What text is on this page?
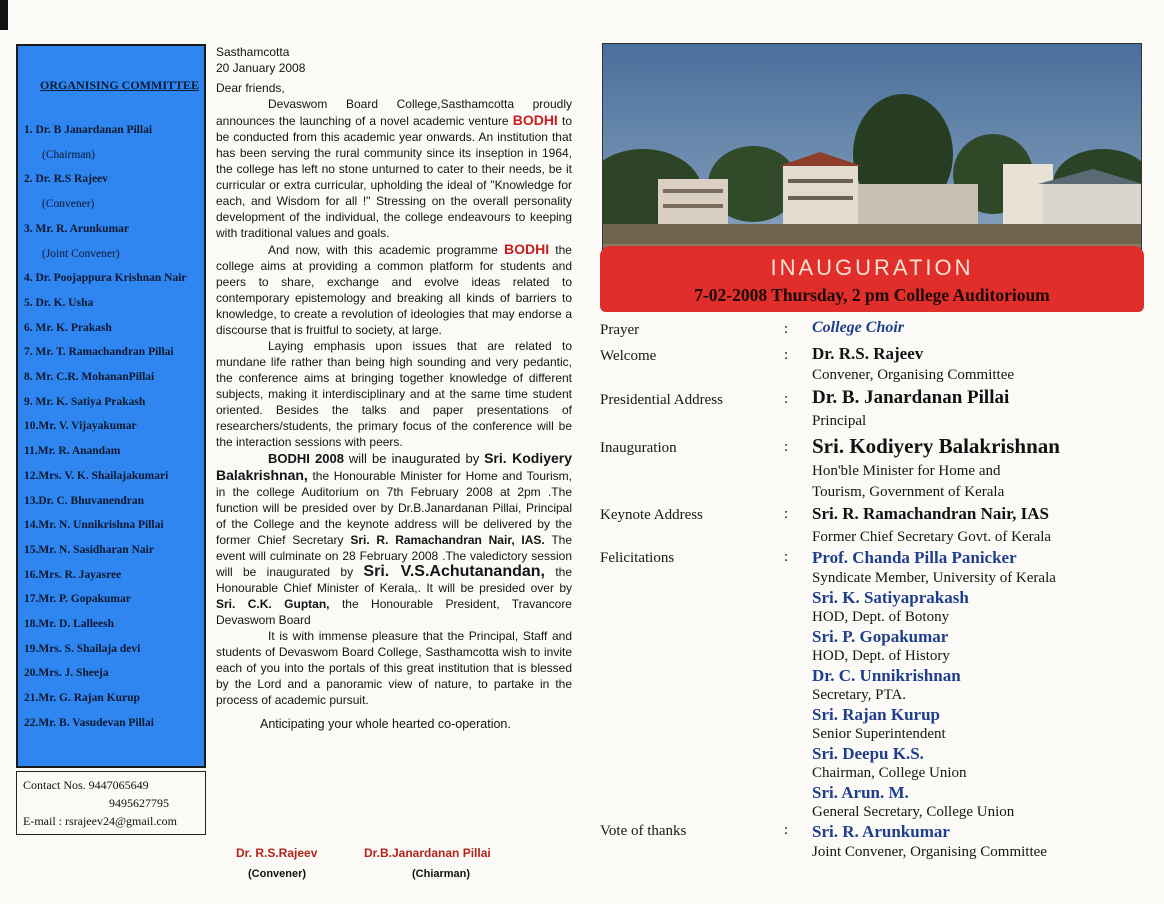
ORGANISING COMMITTEE
1. Dr. B Janardanan Pillai
(Chairman)
2. Dr. R.S Rajeev
(Convener)
3. Mr. R. Arunkumar
(Joint Convener)
4. Dr. Poojappura Krishnan Nair
5. Dr. K. Usha
6. Mr. K. Prakash
7. Mr. T. Ramachandran Pillai
8. Mr. C.R. MohananPillai
9. Mr. K. Satiya Prakash
10.Mr. V. Vijayakumar
11.Mr. R. Anandam
12.Mrs. V. K. Shailajakumari
13.Dr. C. Bhuvanendran
14.Mr. N. Unnikrishna Pillai
15.Mr. N. Sasidharan Nair
16.Mrs. R. Jayasree
17.Mr. P. Gopakumar
18.Mr. D. Lalleesh
19.Mrs. S. Shailaja devi
20.Mrs. J. Sheeja
21.Mr. G. Rajan Kurup
22.Mr. B. Vasudevan Pillai
Contact Nos. 9447065649
9495627795
E-mail : rsrajeev24@gmail.com

Sasthamcotta

20 January 2008

Dear friends,

Devaswom Board College,Sasthamcotta proudly announces the launching of a novel academic venture BODHI to be conducted from this academic year onwards. An institution that has been serving the rural community since its inseption in 1964, the college has left no stone unturned to cater to their needs, be it curricular or extra curricular, upholding the ideal of "Knowledge for each, and Wisdom for all !" Stressing on the overall personality development of the individual, the college endeavours to keeping with traditional values and goals.

And now, with this academic programme BODHI the college aims at providing a common platform for students and peers to share, exchange and evolve ideas related to contemporary epistemology and breaking all kinds of barriers to knowledge, to create a revolution of ideologies that may endorse a discourse that is fruitful to society, at large.

Laying emphasis upon issues that are related to mundane life rather than being high sounding and very pedantic, the conference aims at bringing together knowledge of different subjects, making it interdisciplinary and at the same time student oriented. Besides the talks and paper presentations of researchers/students, the primary focus of the conference will be the interaction sessions with peers.

BODHI 2008 will be inaugurated by Sri. Kodiyery Balakrishnan, the Honourable Minister for Home and Tourism, in the college Auditorium on 7th February 2008 at 2pm .The function will be presided over by Dr.B.Janardanan Pillai, Principal of the College and the keynote address will be delivered by the former Chief Secretary Sri. R. Ramachandran Nair, IAS. The event will culminate on 28 February 2008 .The valedictory session will be inaugurated by Sri. V.S.Achutanandan, the Honourable Chief Minister of Kerala,. It will be presided over by Sri. C.K. Guptan, the Honourable President, Travancore Devaswom Board

It is with immense pleasure that the Principal, Staff and students of Devaswom Board College, Sasthamcotta wish to invite each of you into the portals of this great institution that is blessed by the Lord and a panoramic view of nature, to partake in the process of academic pursuit.

Anticipating your whole hearted co-operation.

Dr. R.S.Rajeev	Dr.B.Janardanan Pillai
(Convener)	(Chiarman)
INAUGURATION
7-02-2008 Thursday, 2 pm College Auditorioum
Prayer	: College Choir
Welcome	: Dr. R.S. Rajeev
Convener, Organising Committee
Presidential Address	: Dr. B. Janardanan Pillai
Principal
Inauguration	: Sri. Kodiyery Balakrishnan
Hon'ble Minister for Home and
Tourism, Government of Kerala
Keynote Address	: Sri. R. Ramachandran Nair, IAS
Former Chief Secretary Govt. of Kerala
Felicitations	: Prof. Chanda Pilla Panicker
Syndicate Member, University of Kerala
Sri. K. Satiyaprakash
HOD, Dept. of Botony
Sri. P. Gopakumar
HOD, Dept. of History
Dr. C. Unnikrishnan
Secretary, PTA.
Sri. Rajan Kurup
Senior Superintendent
Sri. Deepu K.S.
Chairman, College Union
Sri. Arun. M.
General Secretary, College Union
Vote of thanks	: Sri. R. Arunkumar
Joint Convener, Organising Committee
